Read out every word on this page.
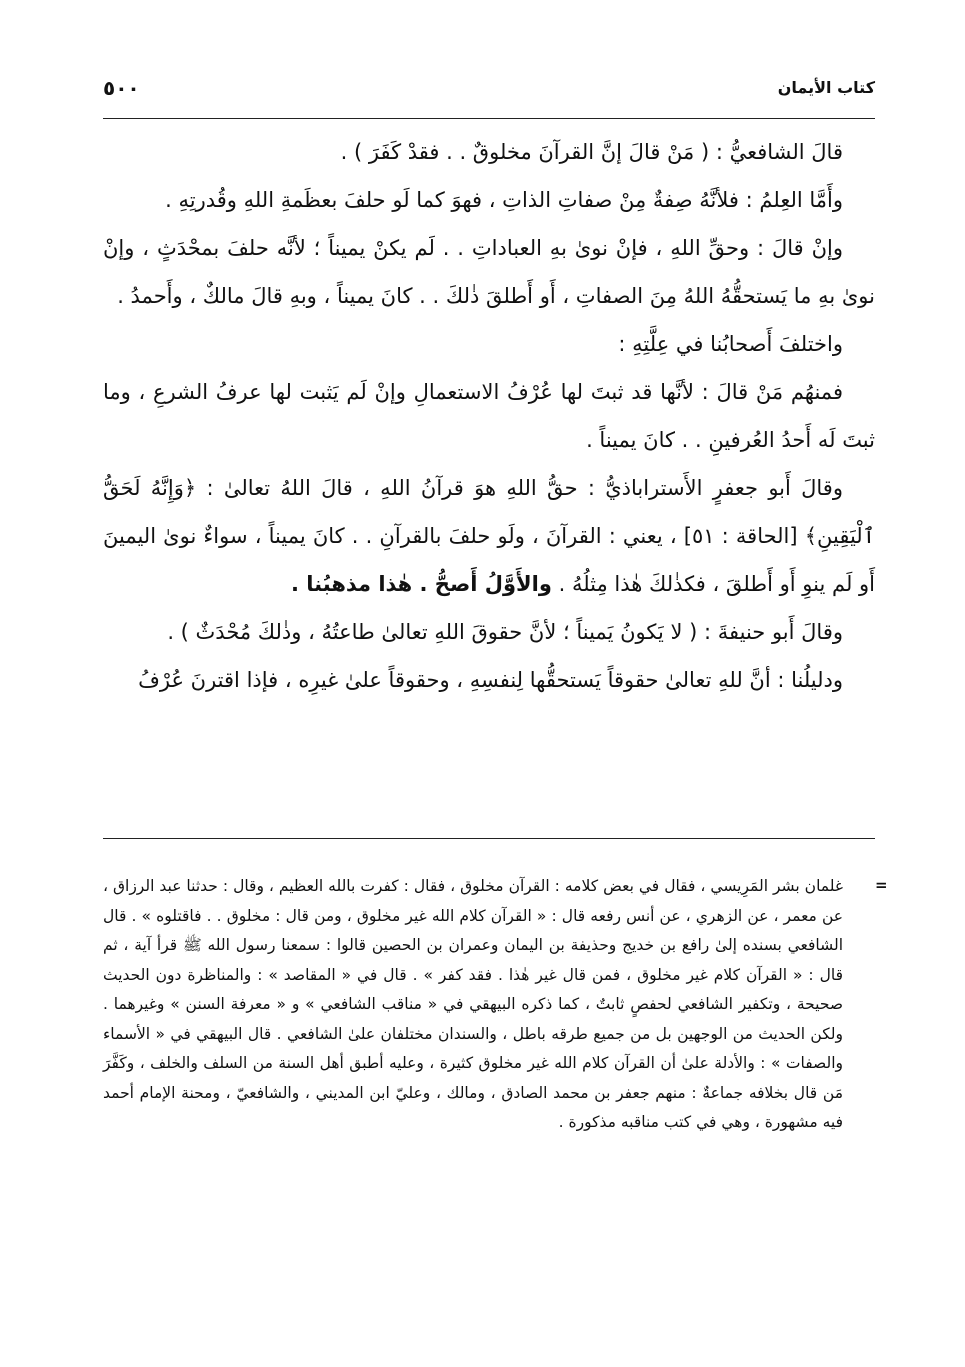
٥٠٠	كتاب الأيمان

قالَ الشافعيُّ : ( مَنْ قالَ إنَّ القرآنَ مخلوقٌ . . فقدْ كَفَرَ ) .

وأَمَّا العِلمُ : فلأنَّهُ صِفةٌ مِنْ صفاتِ الذاتِ ، فهوَ كما لَو حلفَ بعظَمةِ اللهِ وقُدرتِهِ .

وإنْ قالَ : وحقِّ اللهِ ، فإنْ نوىٰ بهِ العباداتِ . . لَم يكنْ يميناً ؛ لأنَّه حلفَ بمحْدَثٍ ، وإنْ نوىٰ بهِ ما يَستحقُّهُ اللهُ مِنَ الصفاتِ ، أَو أَطلقَ ذٰلكَ . . كانَ يميناً ، وبهِ قالَ مالكٌ ، وأَحمدُ .

واختلفَ أَصحابُنا في عِلَّتِهِ :

فمنهُم مَنْ قالَ : لأنَّها قد ثبتَ لها عُرْفُ الاستعمالِ وإنْ لَم يَثبت لها عرفُ الشرعِ ، وما ثبتَ لَه أَحدُ العُرفينِ . . كانَ يميناً .

وقالَ أَبو جعفرٍ الأَستراباذيُّ : حقُّ اللهِ هوَ قرآنُ اللهِ ، قالَ اللهُ تعالىٰ : ﴿وَإِنَّهُ لَحَقُّ ٱلْيَقِينِ﴾ [الحاقة : ٥١] ، يعني : القرآنَ ، ولَو حلفَ بالقرآنِ . . كانَ يميناً ، سواءٌ نوىٰ اليمينَ أَو لَم ينوِ أَو أَطلقَ ، فكذٰلكَ هٰذا مِثلُهُ . والأَوَّلُ أَصحُّ . هٰذا مذهبُنا .

وقالَ أَبو حنيفةَ : ( لا يَكونُ يَميناً ؛ لأنَّ حقوقَ اللهِ تعالىٰ طاعتُهُ ، وذٰلكَ مُحْدَثٌ ) .

ودليلُنا : أنَّ للهِ تعالىٰ حقوقاً يَستحقُّها لِنفسِهِ ، وحقوقاً علىٰ غيرِه ، فإذا اقترنَ عُرْفُ

=
غلمان بشر المَرِيسي ، فقال في بعض كلامه : القرآن مخلوق ، فقال : كفرت بالله العظيم ، وقال : حدثنا عبد الرزاق ، عن معمر ، عن الزهري ، عن أنس رفعه قال : « القرآن كلام الله غير مخلوق ، ومن قال : مخلوق . . فاقتلوه » . قال الشافعي بسنده إلىٰ رافع بن خديج وحذيفة بن اليمان وعمران بن الحصين قالوا : سمعنا رسول الله ﷺ قرأ آية ، ثم قال : « القرآن كلام غير مخلوق ، فمن قال غير هٰذا . فقد كفر » . قال في « المقاصد » : والمناظرة دون الحديث صحيحة ، وتكفير الشافعي لحفصٍ ثابتٌ ، كما ذكره البيهقي في « مناقب الشافعي » و « معرفة السنن » وغيرهما . ولكن الحديث من الوجهين بل من جميع طرقه باطل ، والسندان مختلفان علىٰ الشافعي . قال البيهقي في « الأسماء والصفات » : والأدلة علىٰ أن القرآن كلام الله غير مخلوق كثيرة ، وعليه أطبق أهل السنة من السلف والخلف ، وكَفَّرَ مَن قال بخلافه جماعةٌ : منهم جعفر بن محمد الصادق ، ومالك ، وعليّ ابن المديني ، والشافعيّ ، ومحنة الإمام أحمد فيه مشهورة ، وهي في كتب مناقبه مذكورة .
